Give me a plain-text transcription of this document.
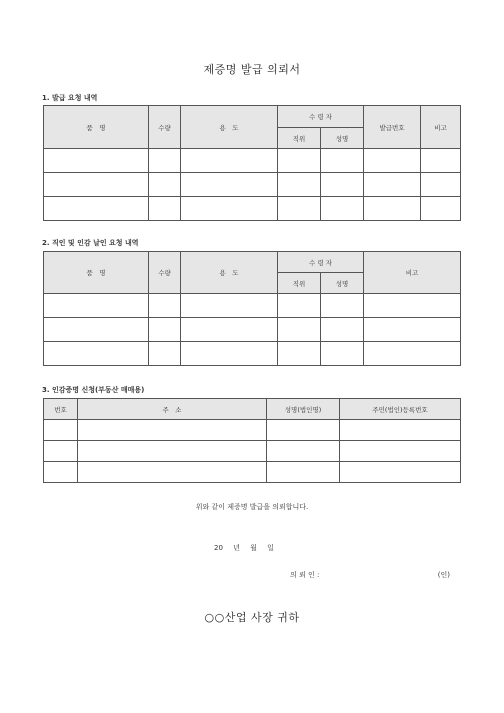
제증명 발급 의뢰서
1. 발급 요청 내역
품　명	수량	용　도	수 령 자		발급번호	비고
			직위	성명		

2. 직인 및 인감 날인 요청 내역
품　명	수량	용　도	수 령 자		비고
			직위	성명	

3. 인감증명 신청(부동산 매매용)
번호	주　소	성명(법인명)	주민(법인)등록번호

위와 같이 제증명 발급을 의뢰합니다.
20 년 월 일
의 뢰 인 :	(인)
○○산업 사장 귀하
